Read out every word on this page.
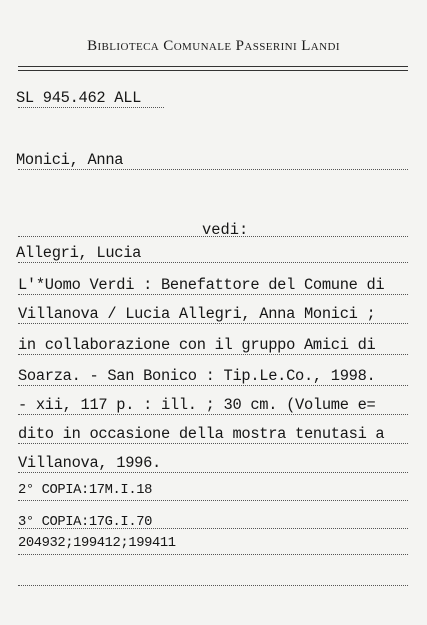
Biblioteca Comunale Passerini Landi
SL 945.462 ALL
Monici, Anna
vedi:
Allegri, Lucia
L'*Uomo Verdi : Benefattore del Comune di
Villanova / Lucia Allegri, Anna Monici ;
in collaborazione con il gruppo Amici di
Soarza. - San Bonico : Tip.Le.Co., 1998.
- xii, 117 p. : ill. ; 30 cm. (Volume e=
dito in occasione della mostra tenutasi a
Villanova, 1996.
2° COPIA:17M.I.18
3° COPIA:17G.I.70
204932;199412;199411
